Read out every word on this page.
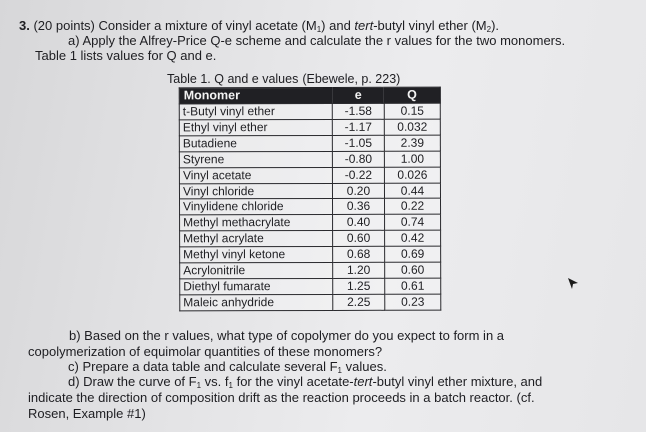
3. (20 points) Consider a mixture of vinyl acetate $(M_1)$ and tert-butyl vinyl ether $(M_2)$.
a) Apply the Alfrey-Price Q-e scheme and calculate the r values for the two monomers.
Table 1 lists values for Q and e.
Table 1. Q and e values (Ebewele, p. 223)
Monomer	e	Q
t-Butyl vinyl ether	-1.58	0.15
Ethyl vinyl ether	-1.17	0.032
Butadiene	-1.05	2.39
Styrene	-0.80	1.00
Vinyl acetate	-0.22	0.026
Vinyl chloride	0.20	0.44
Vinylidene chloride	0.36	0.22
Methyl methacrylate	0.40	0.74
Methyl acrylate	0.60	0.42
Methyl vinyl ketone	0.68	0.69
Acrylonitrile	1.20	0.60
Diethyl fumarate	1.25	0.61
Maleic anhydride	2.25	0.23
b) Based on the r values, what type of copolymer do you expect to form in a
copolymerization of equimolar quantities of these monomers?
c) Prepare a data table and calculate several $F_1$ values.
d) Draw the curve of $F_1$ vs. $f_1$ for the vinyl acetate-tert-butyl vinyl ether mixture, and
indicate the direction of composition drift as the reaction proceeds in a batch reactor. (cf.
Rosen, Example #1)
